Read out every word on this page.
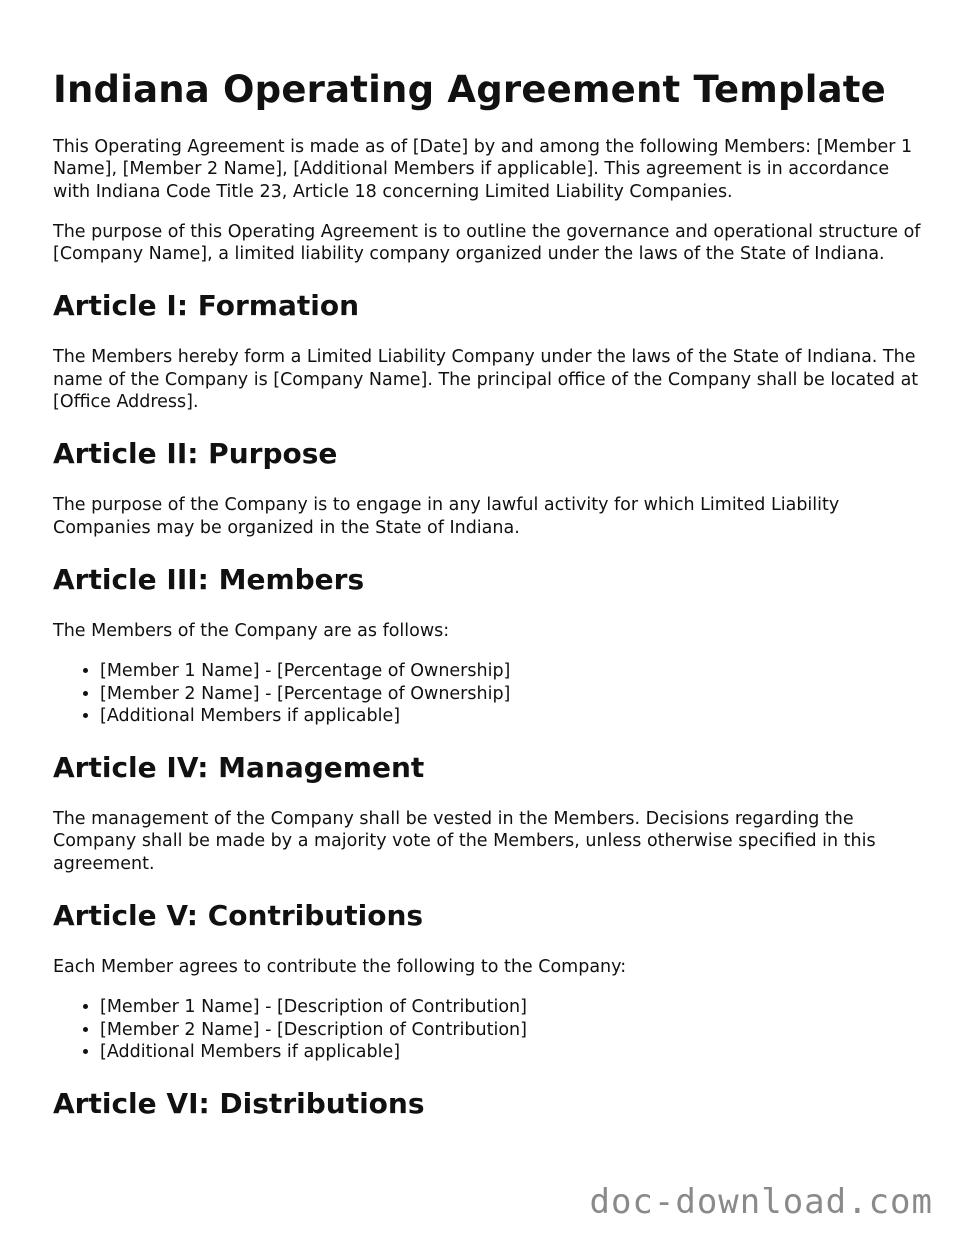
Indiana Operating Agreement Template

This Operating Agreement is made as of [Date] by and among the following Members: [Member 1 Name], [Member 2 Name], [Additional Members if applicable]. This agreement is in accordance with Indiana Code Title 23, Article 18 concerning Limited Liability Companies.

The purpose of this Operating Agreement is to outline the governance and operational structure of [Company Name], a limited liability company organized under the laws of the State of Indiana.

Article I: Formation

The Members hereby form a Limited Liability Company under the laws of the State of Indiana. The name of the Company is [Company Name]. The principal office of the Company shall be located at [Office Address].

Article II: Purpose

The purpose of the Company is to engage in any lawful activity for which Limited Liability Companies may be organized in the State of Indiana.

Article III: Members

The Members of the Company are as follows:

• [Member 1 Name] - [Percentage of Ownership]
• [Member 2 Name] - [Percentage of Ownership]
• [Additional Members if applicable]
Article IV: Management

The management of the Company shall be vested in the Members. Decisions regarding the Company shall be made by a majority vote of the Members, unless otherwise specified in this agreement.

Article V: Contributions

Each Member agrees to contribute the following to the Company:

• [Member 1 Name] - [Description of Contribution]
• [Member 2 Name] - [Description of Contribution]
• [Additional Members if applicable]
Article VI: Distributions
doc-download.com
